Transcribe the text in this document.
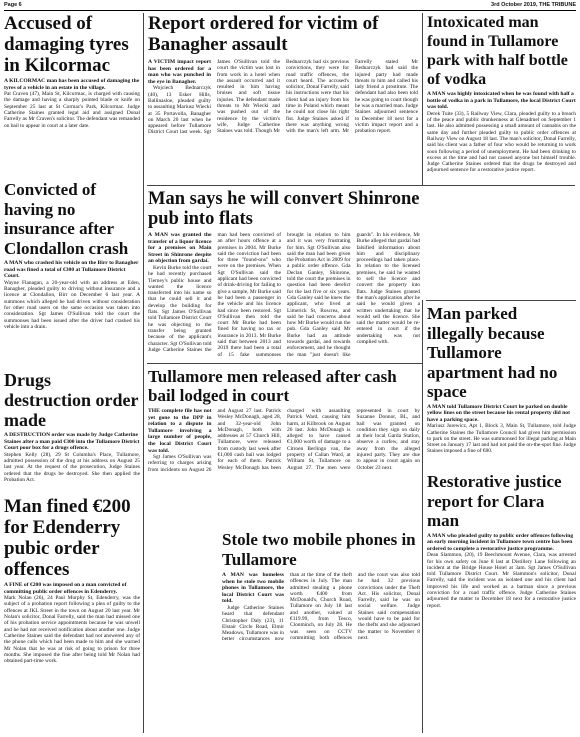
Page 6	3rd October 2019, THE TRIBUNE
Accused of damaging tyres in Kilcormac
A KILCORMAC man has been accused of damaging the tyres of a vehicle in an estate in the village.
Pat Craven (47), Main St, Kilcormac, is charged with causing the damage and having a sharply pointed blade or knife on September 25 last at St Cormac's Park, Kilcormac. Judge Catherine Staines granted legal aid and assigned Donal Farrelly as Mr Craven's solicitor. The defendant was remanded on bail to appear in court at a later date.
Convicted of having no insurance after Clondallon crash
A MAN who crashed his vehicle on the Birr to Banagher road was fined a total of €300 at Tullamore District Court.
Wayne Flanagan, a 20-year-old with an address at Eden, Banagher, pleaded guilty to driving without insurance and a licence at Clondallon, Birr on December 6 last year. A summons which alleged he had driven without consideration for other road users on the same occasion was taken into consideration. Sgt James O'Sullivan told the court the summonses had been issued after the driver had crashed his vehicle into a drain.
Drugs destruction order made
A DESTRUCTION order was made by Judge Catherine Staines after a man paid €300 into the Tullamore District Court poor box for a drugs offence.
Stephen Kelly (28), 29 St Columba's Place, Tullamore, admitted possession of the drug at his address on August 25 last year. At the request of the prosecution, Judge Staines ordered that the drugs be destroyed. She then applied the Probation Act.
Man fined €200 for Edenderry pubic order offences
A FINE of €200 was imposed on a man convicted of committing public order offences in Edenderry.
Mark Nolan (26), 24 Paul Murphy St, Edenderry, was the subject of a probation report following a plea of guilty to the offences at JKL Street in the town on August 20 last year. Mr Nolan's solicitor, Donal Farrelly, said the man had missed one of his probation service appointments because he was unwell and he had not received notification about another one. Judge Catherine Staines said the defendant had not answered any of the phone calls which had been made to him and she warned Mr Nolan that he was at risk of going to prison for three months. She imposed the fine after being told Mr Nolan had obtained part-time work.
Report ordered for victim of Banagher assault
A VICTIM impact report has been ordered for a man who was punched in the eye in Banagher.

Wojciech Bednarczyk (40), 13 Esker Hills, Ballinasloe, pleaded guilty to assaulting Mariusz Wiecki at 35 Portavolla, Banagher on March 20 last when he appeared before Tullamore District Court last week. Sgt James O'Sullivan told the court the victim was lost in from work in a hotel when the assault occurred and it resulted in him having bruises and soft tissue injuries. The defendant made threats to Mr Wiecki and was pushed out of the residence by the victim's wife, Judge Catherine Staines was told. Though Mr Bednarczyk had six previous convictions, they were for road traffic offences, the court heard. The accused's solicitor, Donal Farrelly, said his instructions were that his client had an injury from his time in Poland which meant he could not close his right fist. Judge Staines asked if there was anything wrong with the man's left arm. Mr Farrelly stated Mr Bednarczyk had said the injured party had made threats to him and called his lady friend a prostitute. The defendant had also been told he was going to court though he was a married man. Judge Staines adjourned sentence to December 18 next for a victim impact report and a probation report.

Intoxicated man found in Tullamore park with half bottle of vodka
A MAN was highly intoxicated when he was found with half a bottle of vodka in a park in Tullamore, the local District Court was told.
Derek Tuite (33), 5 Railway View, Clara, pleaded guilty to a breach of the peace and public drunkenness at Glenadmel on September 1 last. He also admitted possessing a small amount of cannabis on the same day and further pleaded guilty to public order offences at Railway View on August 18 last. The man's solicitor, Donal Farrelly, said his client was a father of four who would be returning to work soon following a period of unemployment. He had been drinking to excess at the time and had not caused anyone but himself trouble. Judge Catherine Staines ordered that the drugs be destroyed and adjourned sentence for a restorative justice report.
Man says he will convert Shinrone pub into flats
A MAN was granted the transfer of a liquor licence for a premises on Main Street in Shinrone despite an objection from gardaí.

Kevin Burke told the court he had recently purchased Tierney's public house and wanted the licence transferred into his name so that he could sell it and develop the building for flats. Sgt James O'Sullivan told Tullamore District Court he was objecting to the transfer being granted because of the applicant's character. Sgt O'Sullivan told Judge Catherine Staines the man had been convicted of an after hours offence at a premises in 2004. Mr Burke said the conviction had been for three "found-ons" who were on the premises. When Sgt O'Sullivan said the applicant had been convicted of drink-driving for failing to give a sample, Mr Burke said he had been a passenger in the vehicle and his licence had since been restored. Sgt O'Sullivan then told the court Mr Burke had been fined for having no tax or insurance in 2013. Mr Burke said that between 2013 and 2019 there had been a total of 15 fake summonses brought in relation to him and it was very frustrating for him. Sgt O'Sullivan also said the man had been given the Probation Act in 2009 for a public order offence. Gda Declan Ganley, Shinrone, told the court the premises in question had been derelict for the last five or six years. Gda Ganley said he knew the applicant, who lived at Limerick St, Roscrea, and said he had concerns about how Mr Burke would run the pub. Gda Ganley said Mr Burke had an attitude towards gardaí, and towards enforcement, and he thought the man "just doesn't like guards". In his evidence, Mr Burke alleged that gardaí had falsified information about him and disciplinary proceedings had taken place. In relation to the licensed premises, he said he wanted to sell the licence and convert the property into flats. Judge Staines granted the man's application after he said he would given a written undertaking that he would sell the licence. She said the matter would be re-entered in court if the undertaking was not complied with.

Man parked illegally because Tullamore apartment had no space
A MAN told Tullamore District Court he parked on double yellow lines on the street because his rental property did not have a parking space.
Mariusz Jurewicz, Apt 1, Block 3, Main St, Tullamore, told Judge Catherine Staines the Tullamore Council had given him permission to park on the street. He was summonsed for illegal parking at Main Street on January 17 last and had not paid the on-the-spot fine. Judge Staines imposed a fine of €80.
Tullamore men released after cash bail lodged in court
THE complete file has not yet gone to the DPP in relation to a dispute in Tullamore involving a large number of people, the local District Court was told.

Sgt James O'Sullivan was referring to charges arising from incidents on August 26 and August 27 last. Patrick Wesley McDonagh, aged 28, and 32-year-old John McDonagh, both with addresses at 57 Church Hill, Tullamore, were released from custody last week after €1,000 cash bail was lodged for each of them. Patrick Wesley McDonagh has been charged with assaulting Patrick Ward, causing him harm, at Kilbrook on August 26 last. John McDonagh is alleged to have caused €1,000 worth of damage to a Citroen Berlingo van, the property of Callan Ward, at William St, Tullamore on August 27. The men were represented in court by Suzanne Donnor, BL, and bail was granted on condition they sign on daily at their local Garda Station, observe a curfew, and stay away from the alleged injured party. They are due to appear in court again on October 23 next.

Stole two mobile phones in Tullamore
A MAN was homeless when he stole two mobile phones in Tullamore, the local District Court was told.

Judge Catherine Staines heard that defendant Christopher Daly (23), 11 Elstair Circle Road, Elmir Meadows, Tullamore was in better circumstances now than at the time of the theft offences in July. The man admitted stealing a phone worth €400 from McDonald's, Church Road, Tullamore on July 18 last and another, valued at €119.99, from Tesco, Clonminch, on July 28. He was seen on CCTV committing both offences and the court was also told he had 32 previous convictions under the Theft Act. His solicitor, Donal Farrelly, said he was on social welfare. Judge Staines said compensation would have to be paid for the thefts and she adjourned the matter to November 8 next.

Restorative justice report for Clara man
A MAN who pleaded guilty to public order offences following an early morning incident in Tullamore town centre has been ordered to complete a restorative justice programme.
Dean Slammon, (20), 19 Beechmount Avenue, Clara, was arrested for his own safety on June 8 last at Distillery Lane following an incident at the Bridge House Hotel at 3am. Sgt James O'Sullivan told Tullamore District Court. Mr Slammon's solicitor, Donal Farrelly, said the incident was an isolated one and his client had improved his life and worked as a barman since a previous conviction for a road traffic offence. Judge Catherine Staines adjourned the matter to December 18 next for a restorative justice report.
